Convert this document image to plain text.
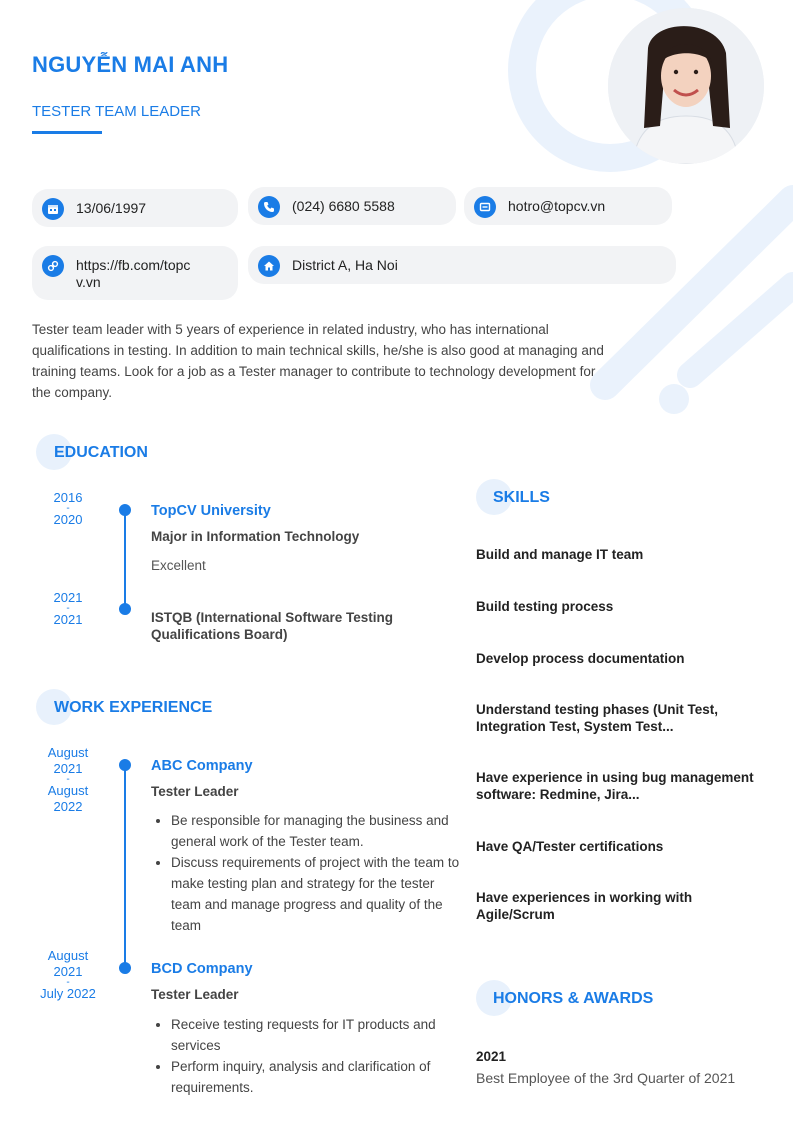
NGUYỄN MAI ANH
TESTER TEAM LEADER
13/06/1997	(024) 6680 5588	hotro@topcv.vn
https://fb.com/topc
v.vn
District A, Ha Noi
Tester team leader with 5 years of experience in related industry, who has international qualifications in testing. In addition to main technical skills, he/she is also good at managing and training teams. Look for a job as a Tester manager to contribute to technology development for the company.
EDUCATION
2016
-
2020
TopCV University
Major in Information Technology
Excellent
2021
-
2021	ISTQB (International Software Testing
Qualifications Board)
WORK EXPERIENCE
August
2021
-
August
2022
ABC Company
Tester Leader
• Be responsible for managing the business and general work of the Tester team.
• Discuss requirements of project with the team to make testing plan and strategy for the tester team and manage progress and quality of the team
August
2021
-
July 2022
BCD Company
Tester Leader
• Receive testing requests for IT products and services
• Perform inquiry, analysis and clarification of requirements.
SKILLS
Build and manage IT team
Build testing process
Develop process documentation
Understand testing phases (Unit Test, Integration Test, System Test...
Have experience in using bug management software: Redmine, Jira...
Have QA/Tester certifications
Have experiences in working with Agile/Scrum
HONORS & AWARDS
2021
Best Employee of the 3rd Quarter of 2021
